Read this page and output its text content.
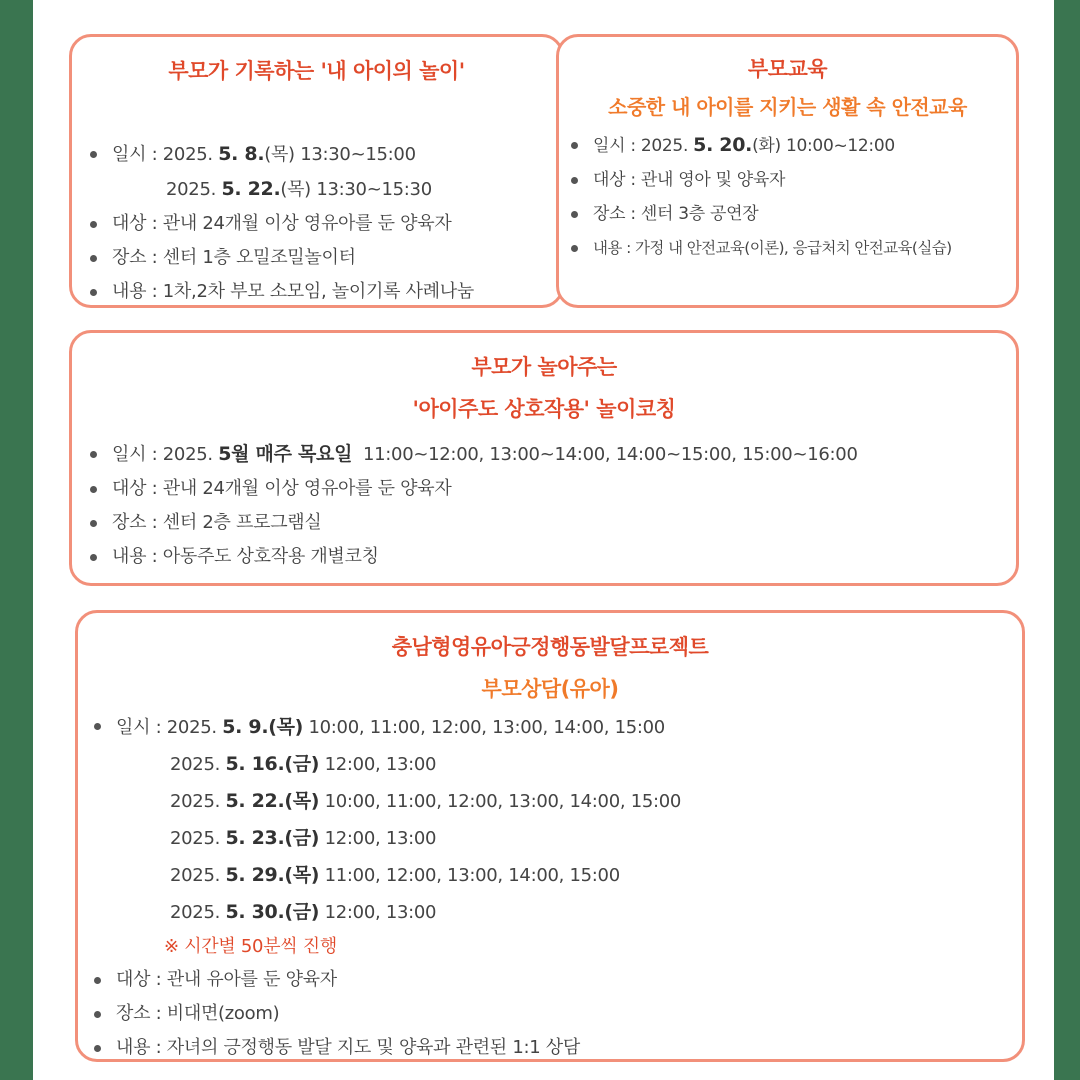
부모가 기록하는 '내 아이의 놀이'
일시 : 2025. 5. 8.(목) 13:30~15:00
2025. 5. 22.(목) 13:30~15:30
대상 : 관내 24개월 이상 영유아를 둔 양육자
장소 : 센터 1층 오밀조밀놀이터
내용 : 1차,2차 부모 소모임, 놀이기록 사례나눔
부모교육
소중한 내 아이를 지키는 생활 속 안전교육
일시 : 2025. 5. 20.(화) 10:00~12:00
대상 : 관내 영아 및 양육자
장소 : 센터 3층 공연장
내용 : 가정 내 안전교육(이론), 응급처치 안전교육(실습)
부모가 놀아주는
'아이주도 상호작용' 놀이코칭
일시 : 2025. 5월 매주 목요일  11:00~12:00, 13:00~14:00, 14:00~15:00, 15:00~16:00
대상 : 관내 24개월 이상 영유아를 둔 양육자
장소 : 센터 2층 프로그램실
내용 : 아동주도 상호작용 개별코칭
충남형영유아긍정행동발달프로젝트
부모상담(유아)
일시 : 2025. 5. 9.(목) 10:00, 11:00, 12:00, 13:00, 14:00, 15:00
2025. 5. 16.(금) 12:00, 13:00
2025. 5. 22.(목) 10:00, 11:00, 12:00, 13:00, 14:00, 15:00
2025. 5. 23.(금) 12:00, 13:00
2025. 5. 29.(목) 11:00, 12:00, 13:00, 14:00, 15:00
2025. 5. 30.(금) 12:00, 13:00
※ 시간별 50분씩 진행
대상 : 관내 유아를 둔 양육자
장소 : 비대면(zoom)
내용 : 자녀의 긍정행동 발달 지도 및 양육과 관련된 1:1 상담
